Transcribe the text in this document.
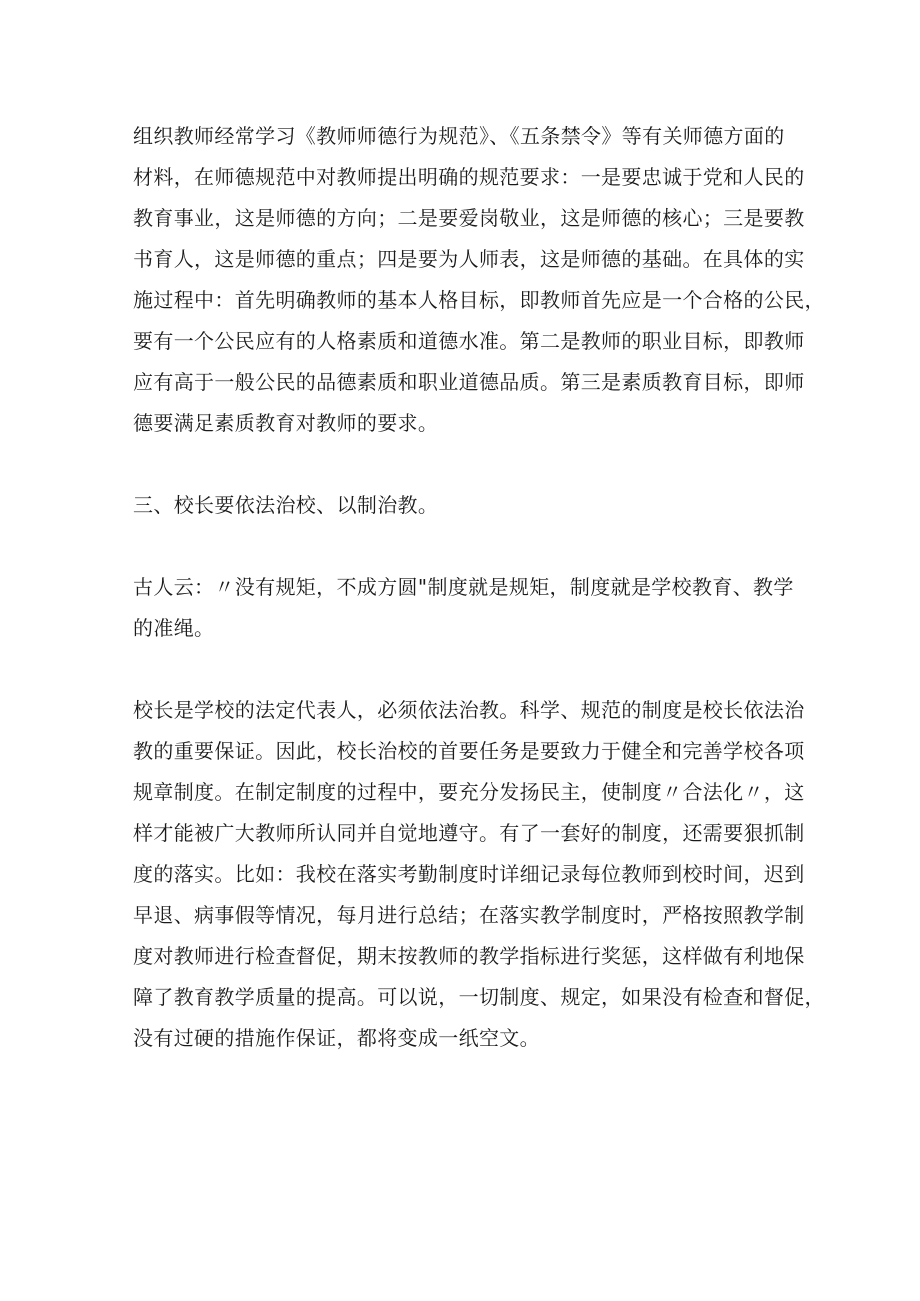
组织教师经常学习《教师师德行为规范》、《五条禁令》等有关师德方面的
材料，在师德规范中对教师提出明确的规范要求：一是要忠诚于党和人民的
教育事业，这是师德的方向；二是要爱岗敬业，这是师德的核心；三是要教
书育人，这是师德的重点；四是要为人师表，这是师德的基础。在具体的实
施过程中：首先明确教师的基本人格目标，即教师首先应是一个合格的公民，
要有一个公民应有的人格素质和道德水准。第二是教师的职业目标，即教师
应有高于一般公民的品德素质和职业道德品质。第三是素质教育目标，即师
德要满足素质教育对教师的要求。

三、校长要依法治校、以制治教。

古人云：〃没有规矩，不成方圆"制度就是规矩，制度就是学校教育、教学
的准绳。

校长是学校的法定代表人，必须依法治教。科学、规范的制度是校长依法治
教的重要保证。因此，校长治校的首要任务是要致力于健全和完善学校各项
规章制度。在制定制度的过程中，要充分发扬民主，使制度〃合法化〃，这
样才能被广大教师所认同并自觉地遵守。有了一套好的制度，还需要狠抓制
度的落实。比如：我校在落实考勤制度时详细记录每位教师到校时间，迟到
早退、病事假等情况，每月进行总结；在落实教学制度时，严格按照教学制
度对教师进行检查督促，期末按教师的教学指标进行奖惩，这样做有利地保
障了教育教学质量的提高。可以说，一切制度、规定，如果没有检查和督促，
没有过硬的措施作保证，都将变成一纸空文。
